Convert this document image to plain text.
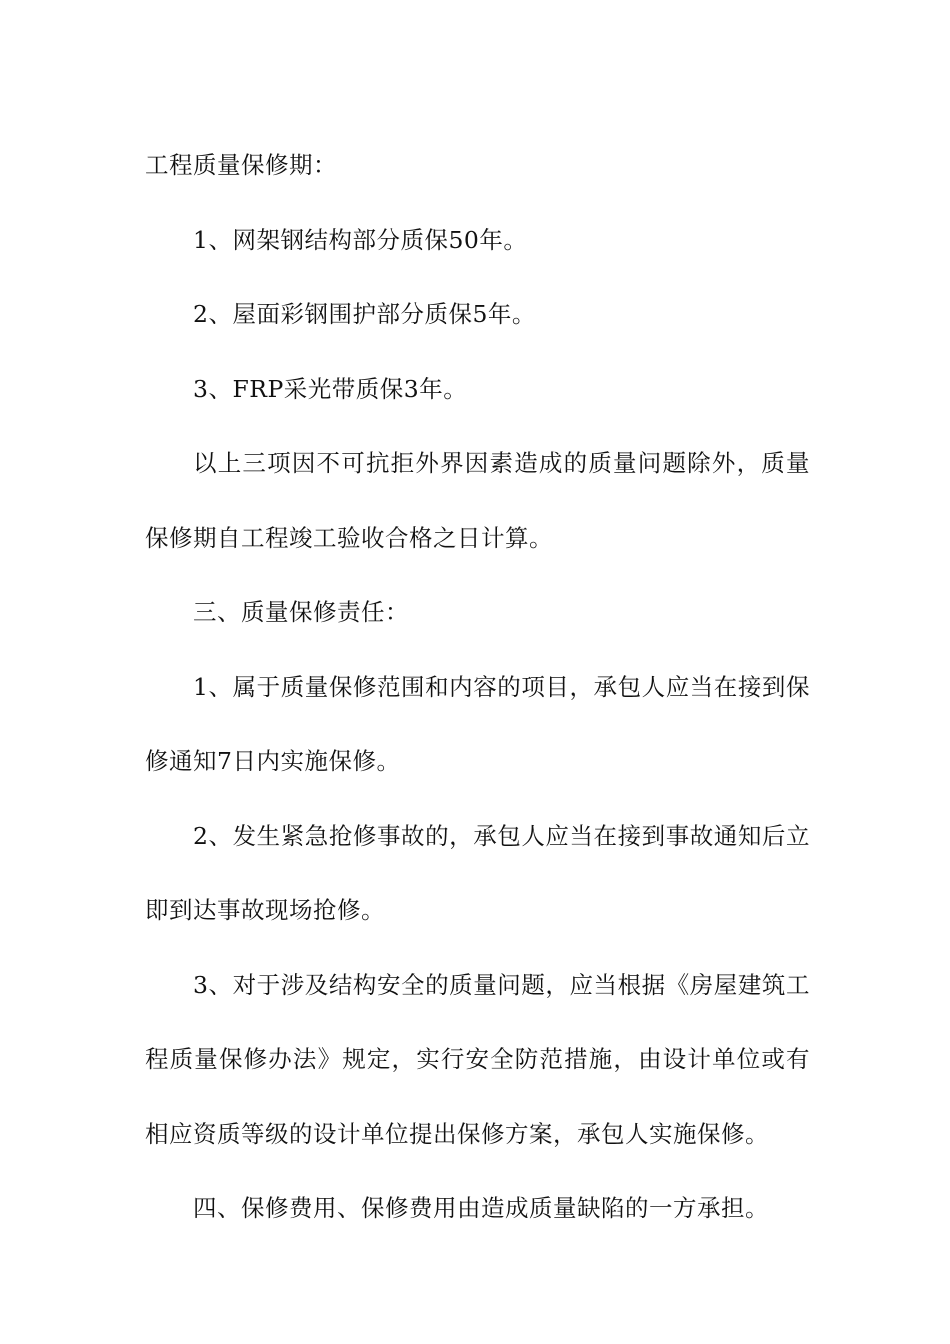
工程质量保修期：

1、网架钢结构部分质保50年。

2、屋面彩钢围护部分质保5年。

3、FRP采光带质保3年。

以上三项因不可抗拒外界因素造成的质量问题除外，质量保修期自工程竣工验收合格之日计算。

三、质量保修责任：

1、属于质量保修范围和内容的项目，承包人应当在接到保修通知7日内实施保修。

2、发生紧急抢修事故的，承包人应当在接到事故通知后立即到达事故现场抢修。

3、对于涉及结构安全的质量问题，应当根据《房屋建筑工程质量保修办法》规定，实行安全防范措施，由设计单位或有相应资质等级的设计单位提出保修方案，承包人实施保修。

四、保修费用、保修费用由造成质量缺陷的一方承担。
